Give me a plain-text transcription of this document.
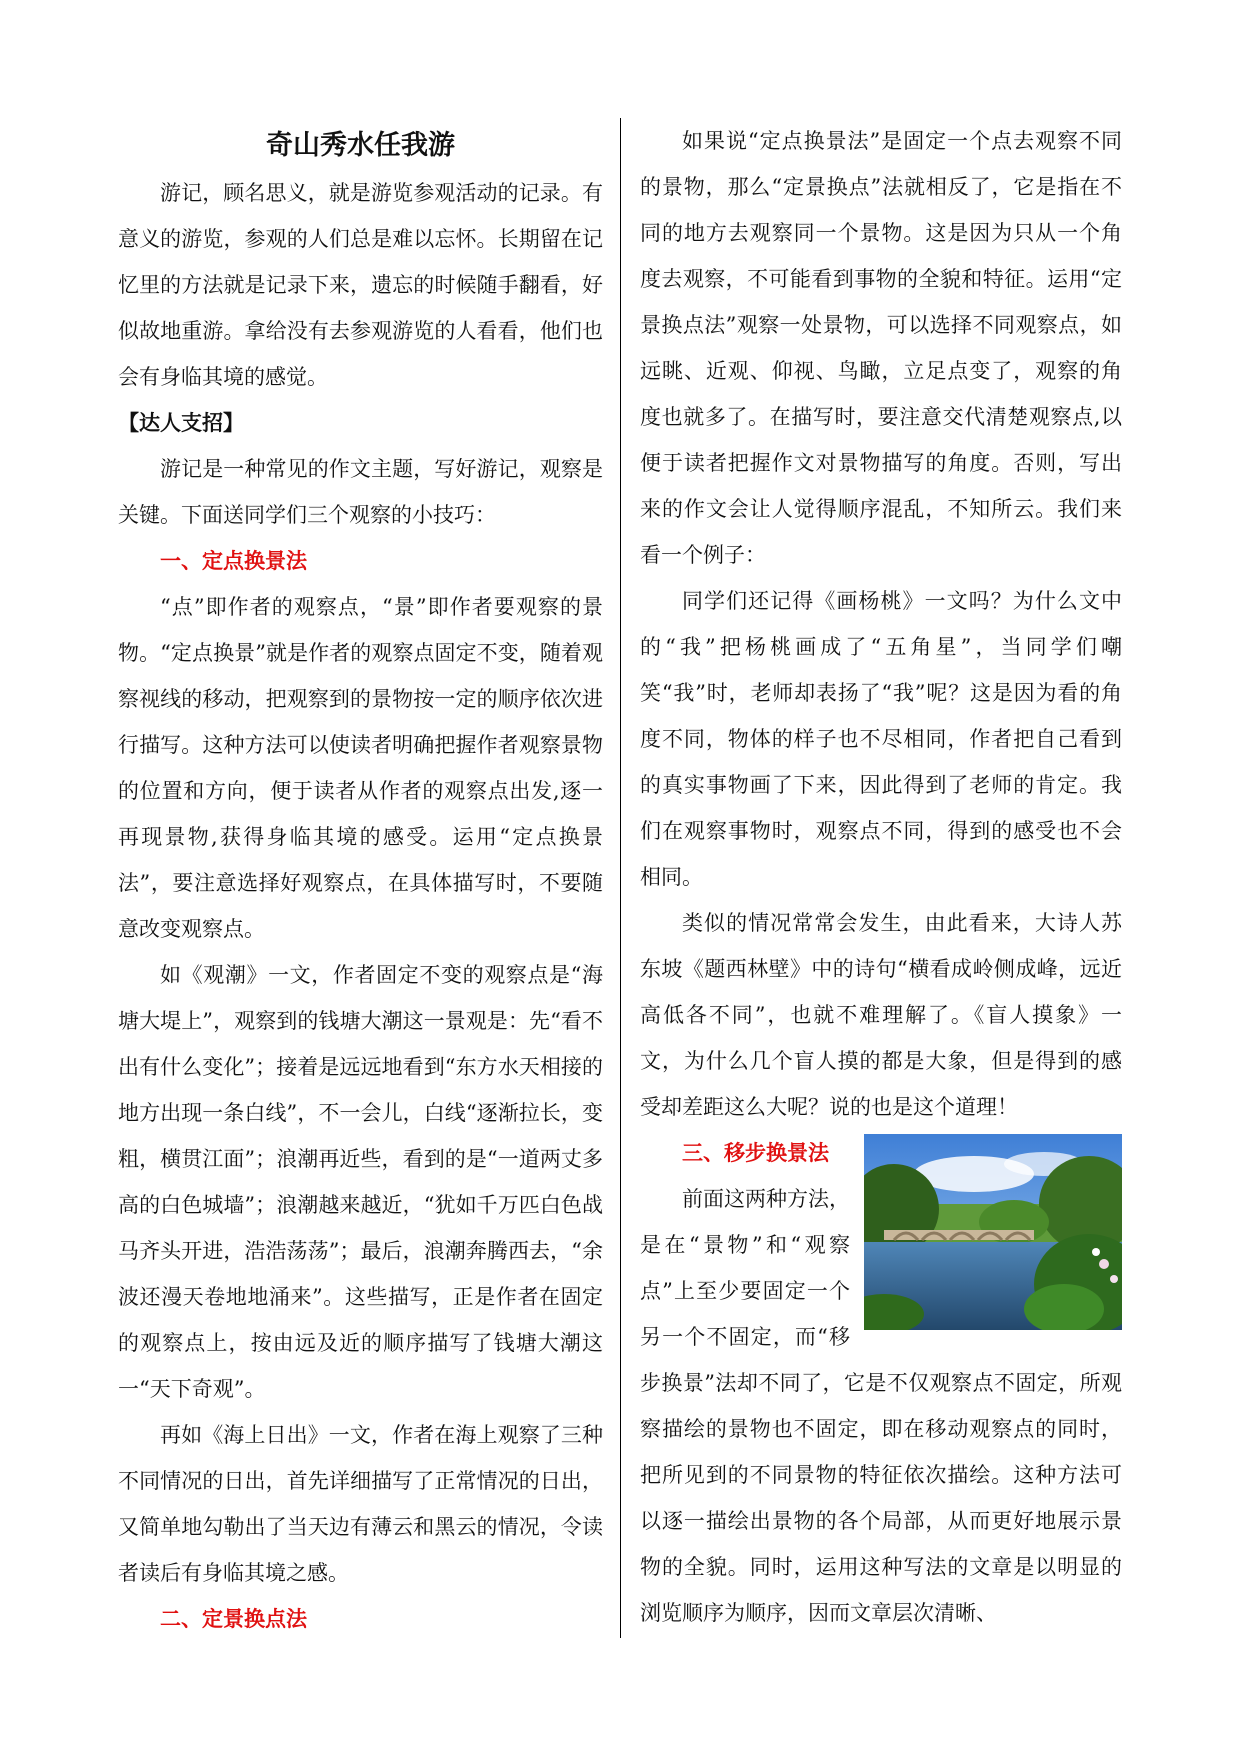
奇山秀水任我游

游记，顾名思义，就是游览参观活动的记录。有意义的游览，参观的人们总是难以忘怀。长期留在记忆里的方法就是记录下来，遗忘的时候随手翻看，好似故地重游。拿给没有去参观游览的人看看，他们也会有身临其境的感觉。

【达人支招】

游记是一种常见的作文主题，写好游记，观察是关键。下面送同学们三个观察的小技巧：

一、定点换景法

“点”即作者的观察点，“景”即作者要观察的景物。“定点换景”就是作者的观察点固定不变，随着观察视线的移动，把观察到的景物按一定的顺序依次进行描写。这种方法可以使读者明确把握作者观察景物的位置和方向，便于读者从作者的观察点出发,逐一再现景物,获得身临其境的感受。运用“定点换景法”，要注意选择好观察点，在具体描写时，不要随意改变观察点。

如《观潮》一文，作者固定不变的观察点是“海塘大堤上”，观察到的钱塘大潮这一景观是：先“看不出有什么变化”；接着是远远地看到“东方水天相接的地方出现一条白线”，不一会儿，白线“逐渐拉长，变粗，横贯江面”；浪潮再近些，看到的是“一道两丈多高的白色城墙”；浪潮越来越近，“犹如千万匹白色战马齐头开进，浩浩荡荡”；最后，浪潮奔腾西去，“余波还漫天卷地地涌来”。这些描写，正是作者在固定的观察点上，按由远及近的顺序描写了钱塘大潮这一“天下奇观”。

再如《海上日出》一文，作者在海上观察了三种不同情况的日出，首先详细描写了正常情况的日出，又简单地勾勒出了当天边有薄云和黑云的情况，令读者读后有身临其境之感。

二、定景换点法

如果说“定点换景法”是固定一个点去观察不同的景物，那么“定景换点”法就相反了，它是指在不同的地方去观察同一个景物。这是因为只从一个角度去观察，不可能看到事物的全貌和特征。运用“定景换点法”观察一处景物，可以选择不同观察点，如远眺、近观、仰视、鸟瞰，立足点变了，观察的角度也就多了。在描写时，要注意交代清楚观察点,以便于读者把握作文对景物描写的角度。否则，写出来的作文会让人觉得顺序混乱，不知所云。我们来看一个例子：

同学们还记得《画杨桃》一文吗？为什么文中的“我”把杨桃画成了“五角星”，当同学们嘲笑“我”时，老师却表扬了“我”呢？这是因为看的角度不同，物体的样子也不尽相同，作者把自己看到的真实事物画了下来，因此得到了老师的肯定。我们在观察事物时，观察点不同，得到的感受也不会相同。

类似的情况常常会发生，由此看来，大诗人苏东坡《题西林壁》中的诗句“横看成岭侧成峰，远近高低各不同”，也就不难理解了。《盲人摸象》一文，为什么几个盲人摸的都是大象，但是得到的感受却差距这么大呢？说的也是这个道理！

三、移步换景法

前面这两种方法，是在“景物”和“观察点”上至少要固定一个另一个不固定，而“移步换景”法却不同了，它是不仅观察点不固定，所观察描绘的景物也不固定，即在移动观察点的同时，把所见到的不同景物的特征依次描绘。这种方法可以逐一描绘出景物的各个局部，从而更好地展示景物的全貌。同时，运用这种写法的文章是以明显的浏览顺序为顺序，因而文章层次清晰、
